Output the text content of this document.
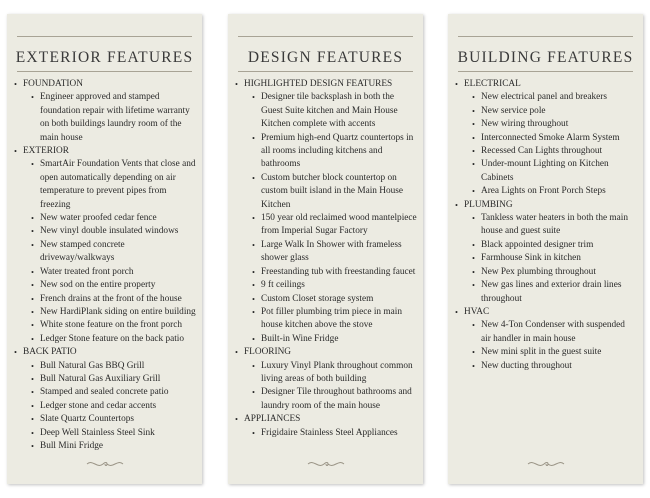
EXTERIOR FEATURES
• FOUNDATION
• Engineer approved and stamped foundation repair with lifetime warranty on both buildings laundry room of the main house
• EXTERIOR
• SmartAir Foundation Vents that close and open automatically depending on air temperature to prevent pipes from freezing
• New water proofed cedar fence
• New vinyl double insulated windows
• New stamped concrete driveway/walkways
• Water treated front porch
• New sod on the entire property
• French drains at the front of the house
• New HardiPlank siding on entire building
• White stone feature on the front porch
• Ledger Stone feature on the back patio
• BACK PATIO
• Bull Natural Gas BBQ Grill
• Bull Natural Gas Auxiliary Grill
• Stamped and sealed concrete patio
• Ledger stone and cedar accents
• Slate Quartz Countertops
• Deep Well Stainless Steel Sink
• Bull Mini Fridge
DESIGN FEATURES
• HIGHLIGHTED DESIGN FEATURES
• Designer tile backsplash in both the Guest Suite kitchen and Main House Kitchen complete with accents
• Premium high-end Quartz countertops in all rooms including kitchens and bathrooms
• Custom butcher block countertop on custom built island in the Main House Kitchen
• 150 year old reclaimed wood mantelpiece from Imperial Sugar Factory
• Large Walk In Shower with frameless shower glass
• Freestanding tub with freestanding faucet
• 9 ft ceilings
• Custom Closet storage system
• Pot filler plumbing trim piece in main house kitchen above the stove
• Built-in Wine Fridge
• FLOORING
• Luxury Vinyl Plank throughout common living areas of both building
• Designer Tile throughout bathrooms and laundry room of the main house
• APPLIANCES
• Frigidaire Stainless Steel Appliances
BUILDING FEATURES
• ELECTRICAL
• New electrical panel and breakers
• New service pole
• New wiring throughout
• Interconnected Smoke Alarm System
• Recessed Can Lights throughout
• Under-mount Lighting on Kitchen Cabinets
• Area Lights on Front Porch Steps
• PLUMBING
• Tankless water heaters in both the main house and guest suite
• Black appointed designer trim
• Farmhouse Sink in kitchen
• New Pex plumbing throughout
• New gas lines and exterior drain lines throughout
• HVAC
• New 4-Ton Condenser with suspended air handler in main house
• New mini split in the guest suite
• New ducting throughout
